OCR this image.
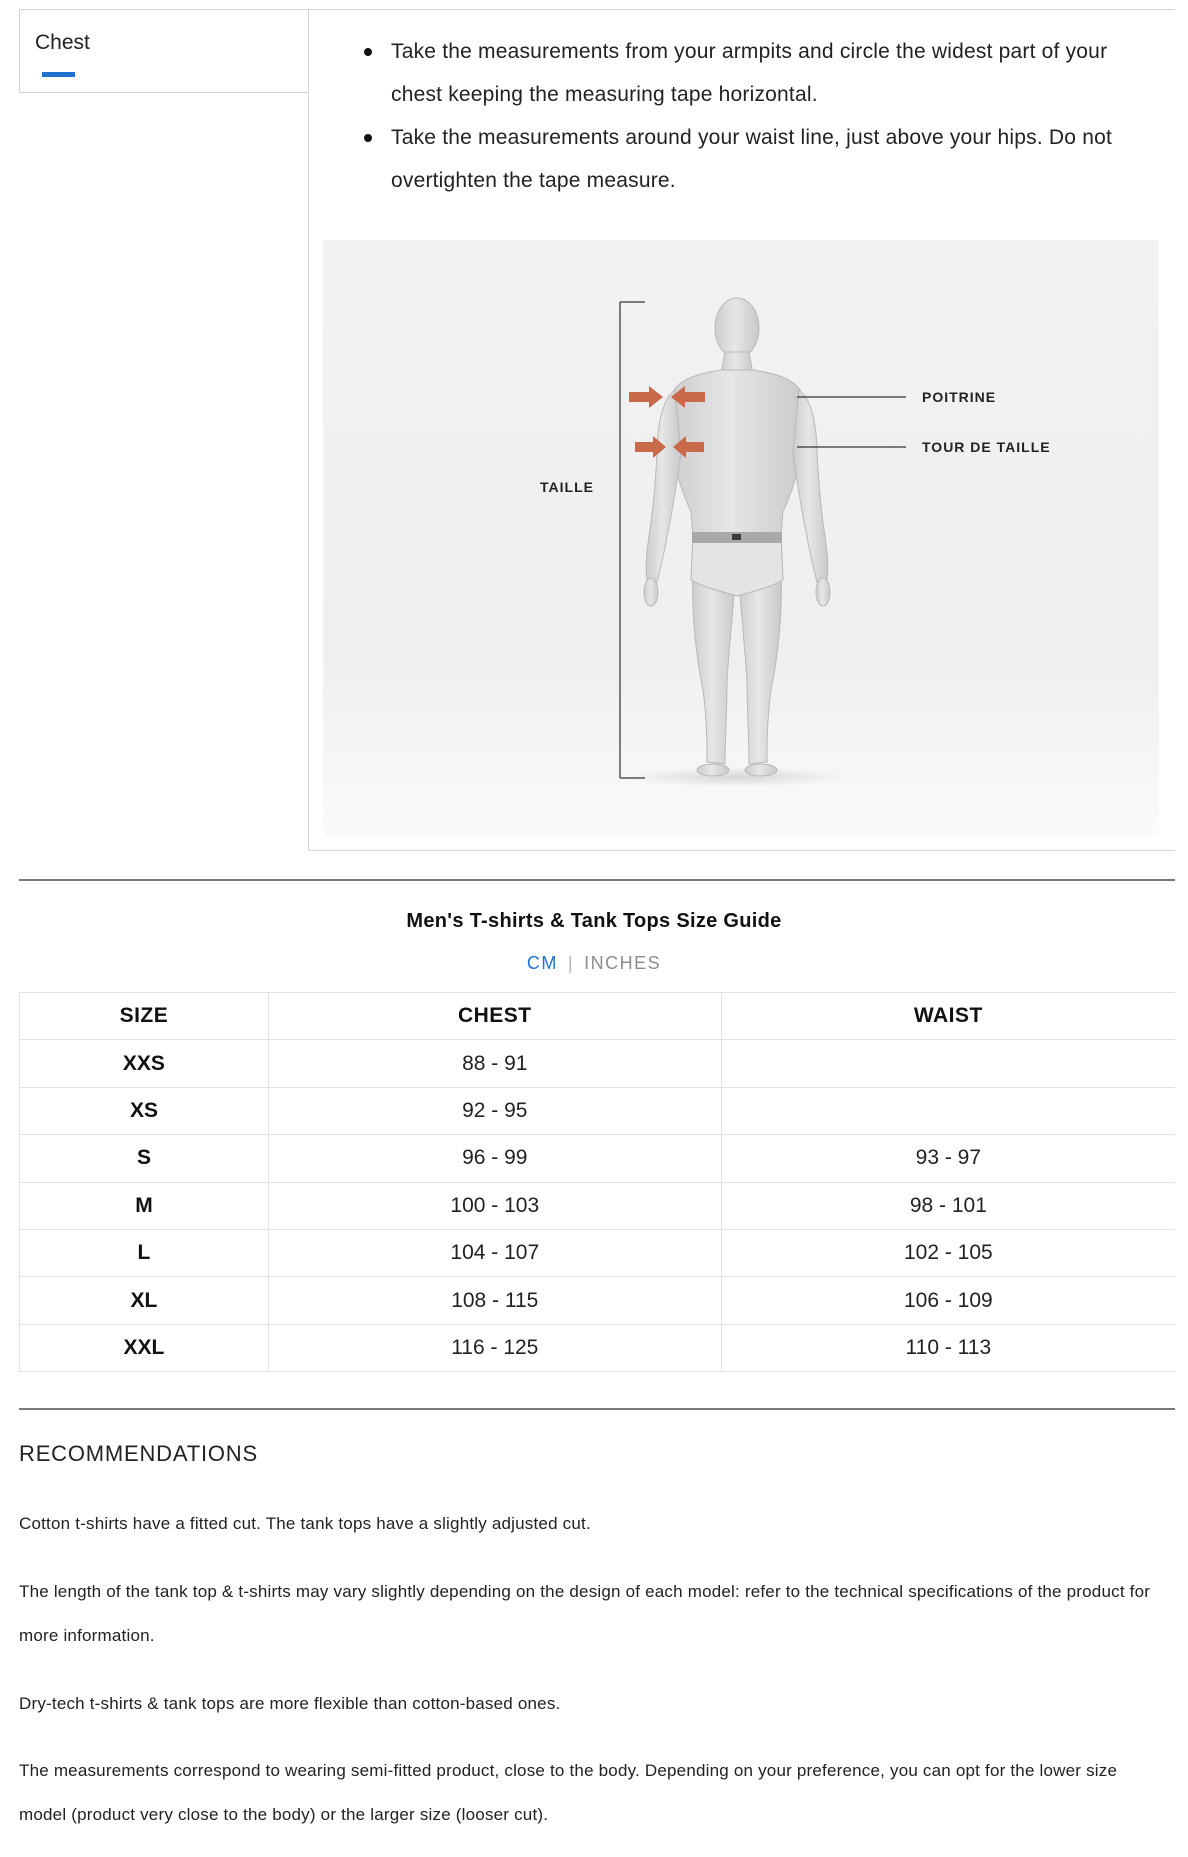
Chest	Take the measurements from your armpits and circle the widest part of your chest keeping the measuring tape horizontal.
Take the measurements around your waist line, just above your hips. Do not overtighten the tape measure.
POITRINE
TOUR DE TAILLE
TAILLE
Men's T-shirts & Tank Tops Size Guide
CM | INCHES
SIZE	CHEST	WAIST
XXS	88 - 91	
XS	92 - 95	
S	96 - 99	93 - 97
M	100 - 103	98 - 101
L	104 - 107	102 - 105
XL	108 - 115	106 - 109
XXL	116 - 125	110 - 113
RECOMMENDATIONS

Cotton t-shirts have a fitted cut. The tank tops have a slightly adjusted cut.

The length of the tank top & t-shirts may vary slightly depending on the design of each model: refer to the technical specifications of the product for more information.

Dry-tech t-shirts & tank tops are more flexible than cotton-based ones.

The measurements correspond to wearing semi-fitted product, close to the body. Depending on your preference, you can opt for the lower size model (product very close to the body) or the larger size (looser cut).
